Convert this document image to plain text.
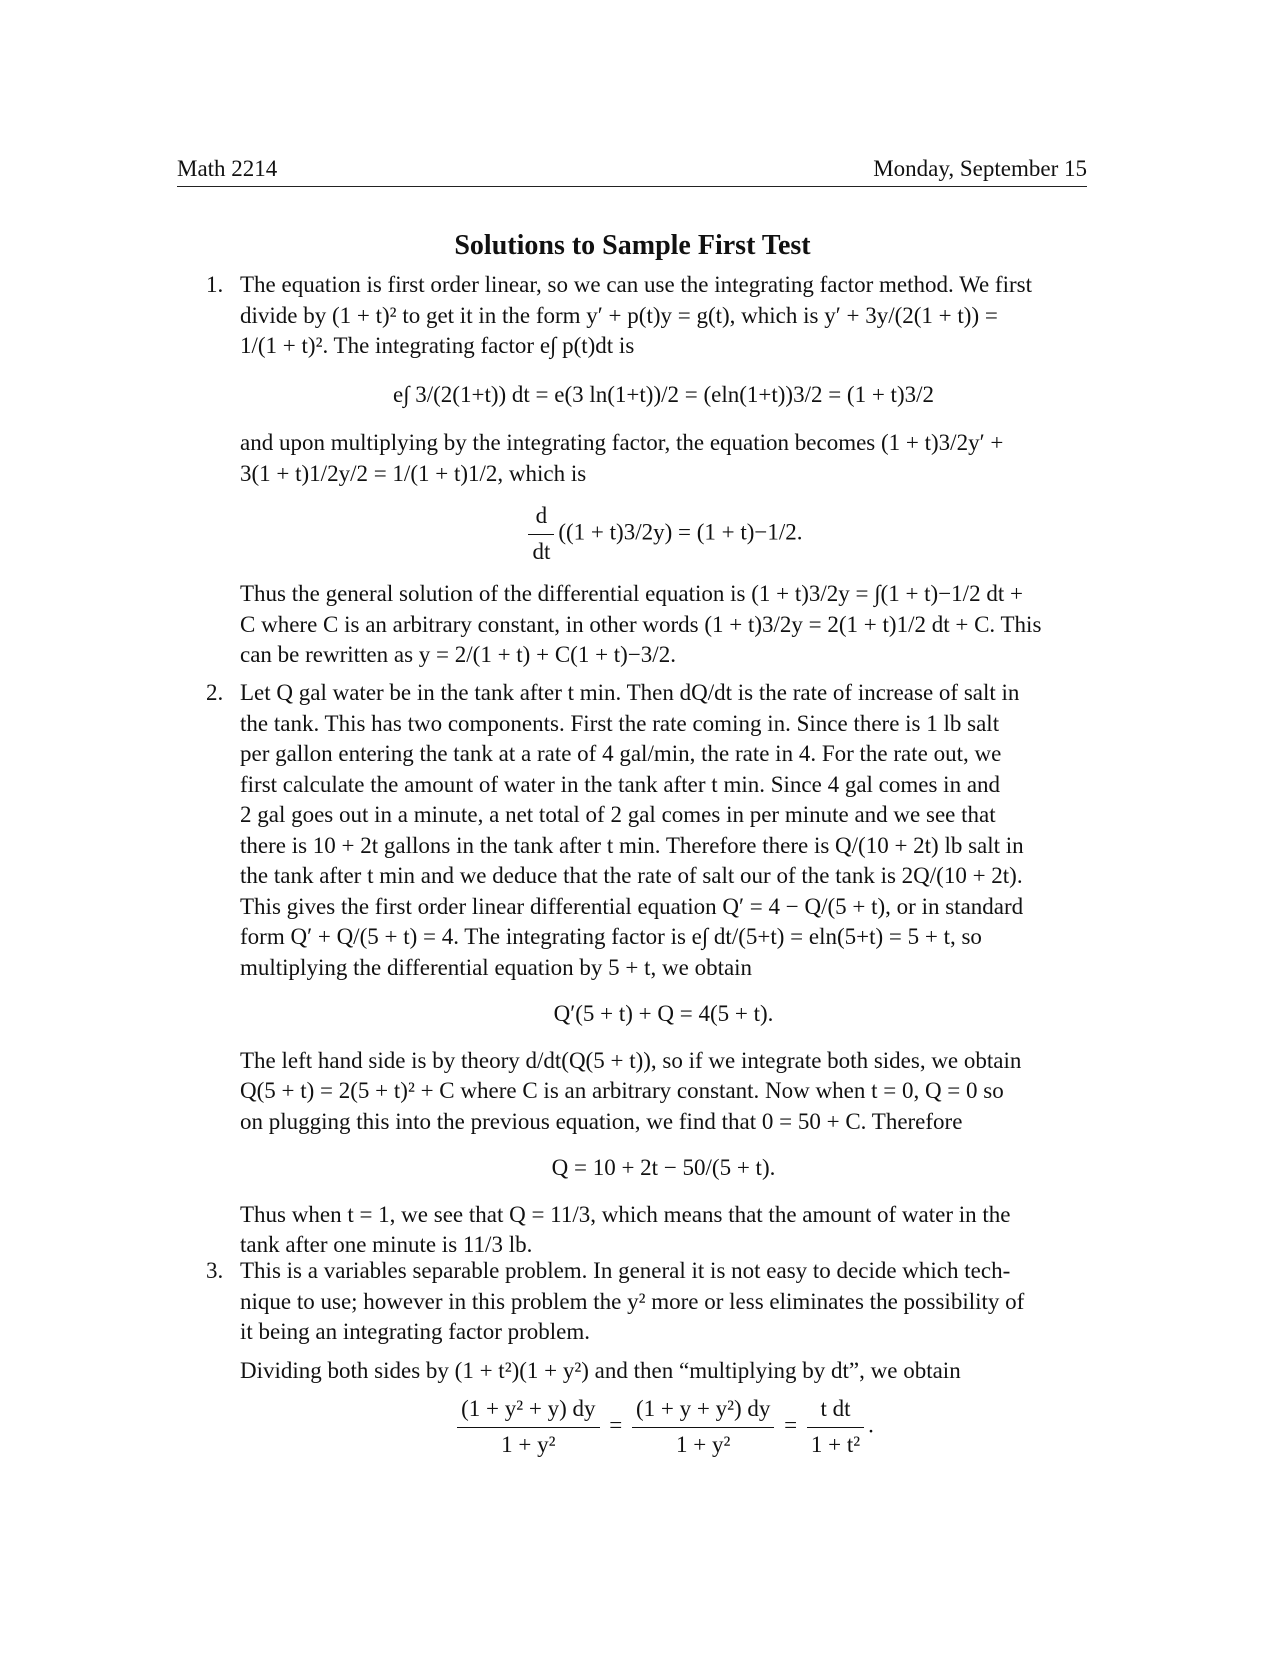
Math 2214	Monday, September 15
Solutions to Sample First Test
1. The equation is first order linear, so we can use the integrating factor method. We first

divide by (1 + t)² to get it in the form y′ + p(t)y = g(t), which is y′ + 3y/(2(1 + t)) =

1/(1 + t)². The integrating factor e∫ p(t)dt is

e∫ 3/(2(1+t)) dt = e(3 ln(1+t))/2 = (eln(1+t))3/2 = (1 + t)3/2

and upon multiplying by the integrating factor, the equation becomes (1 + t)3/2y′ +

3(1 + t)1/2y/2 = 1/(1 + t)1/2, which is

$\frac{d}{dt} ((1 + t)3/2y) = (1 + t)-1/2$.

Thus the general solution of the differential equation is (1 + t)3/2y = ∫(1 + t)−1/2 dt +

C where C is an arbitrary constant, in other words (1 + t)3/2y = 2(1 + t)1/2 dt + C. This

can be rewritten as y = 2/(1 + t) + C(1 + t)−3/2.

2. Let Q gal water be in the tank after t min. Then dQ/dt is the rate of increase of salt in

the tank. This has two components. First the rate coming in. Since there is 1 lb salt

per gallon entering the tank at a rate of 4 gal/min, the rate in 4. For the rate out, we

first calculate the amount of water in the tank after t min. Since 4 gal comes in and

2 gal goes out in a minute, a net total of 2 gal comes in per minute and we see that

there is 10 + 2t gallons in the tank after t min. Therefore there is Q/(10 + 2t) lb salt in

the tank after t min and we deduce that the rate of salt our of the tank is 2Q/(10 + 2t).

This gives the first order linear differential equation Q′ = 4 − Q/(5 + t), or in standard

form Q′ + Q/(5 + t) = 4. The integrating factor is e∫ dt/(5+t) = eln(5+t) = 5 + t, so

multiplying the differential equation by 5 + t, we obtain

Q′(5 + t) + Q = 4(5 + t).

The left hand side is by theory d/dt(Q(5 + t)), so if we integrate both sides, we obtain

Q(5 + t) = 2(5 + t)² + C where C is an arbitrary constant. Now when t = 0, Q = 0 so

on plugging this into the previous equation, we find that 0 = 50 + C. Therefore

Q = 10 + 2t − 50/(5 + t).

Thus when t = 1, we see that Q = 11/3, which means that the amount of water in the

tank after one minute is 11/3 lb.

3. This is a variables separable problem. In general it is not easy to decide which tech-

nique to use; however in this problem the y² more or less eliminates the possibility of

it being an integrating factor problem.

Dividing both sides by (1 + t²)(1 + y²) and then “multiplying by dt”, we obtain

$\frac{\text{(1 + y² + y) dy}}{\text{1 + y²}} = \frac{\text{(1 + y + y²) dy}}{\text{1 + y²}} = \frac{\text{t dt}}{\text{1 + t²}}$ .
